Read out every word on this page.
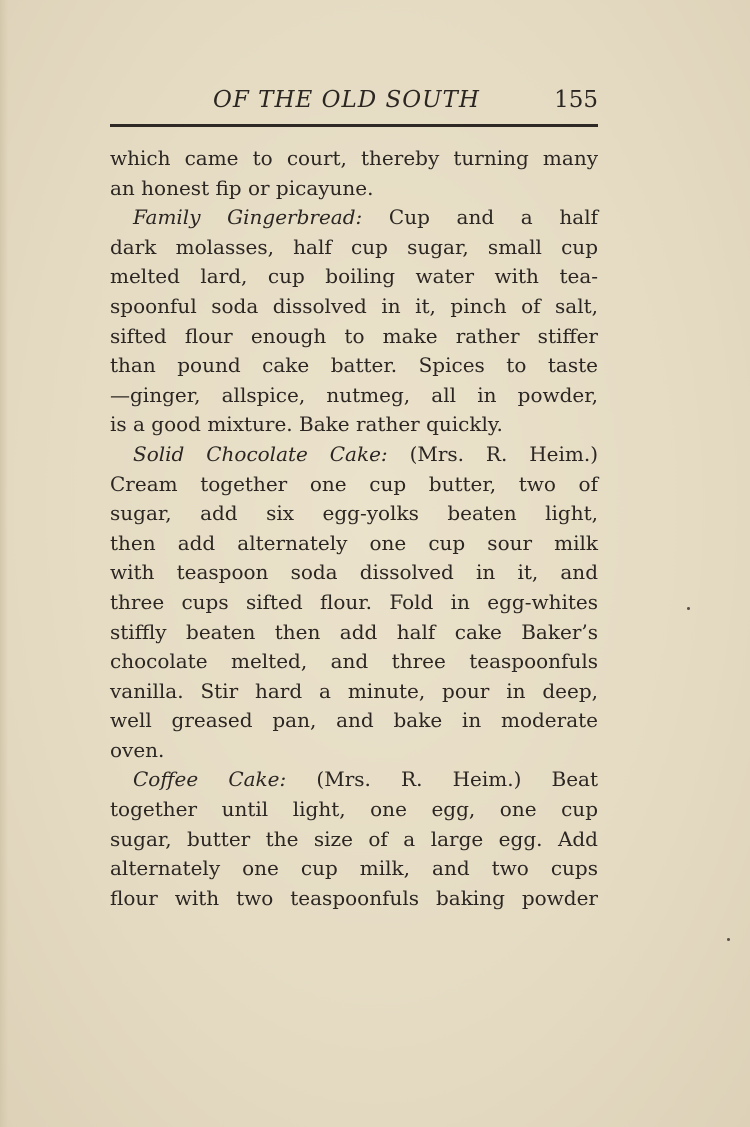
OF THE OLD SOUTH	155
which came to court, thereby turning many
an honest fip or picayune.
Family Gingerbread: Cup and a half
dark molasses, half cup sugar, small cup
melted lard, cup boiling water with tea-
spoonful soda dissolved in it, pinch of salt,
sifted flour enough to make rather stiffer
than pound cake batter. Spices to taste
—ginger, allspice, nutmeg, all in powder,
is a good mixture. Bake rather quickly.
Solid Chocolate Cake: (Mrs. R. Heim.)
Cream together one cup butter, two of
sugar, add six egg-yolks beaten light,
then add alternately one cup sour milk
with teaspoon soda dissolved in it, and
three cups sifted flour. Fold in egg-whites
stiffly beaten then add half cake Baker’s
chocolate melted, and three teaspoonfuls
vanilla. Stir hard a minute, pour in deep,
well greased pan, and bake in moderate
oven.
Coffee Cake: (Mrs. R. Heim.) Beat
together until light, one egg, one cup
sugar, butter the size of a large egg. Add
alternately one cup milk, and two cups
flour with two teaspoonfuls baking powder
